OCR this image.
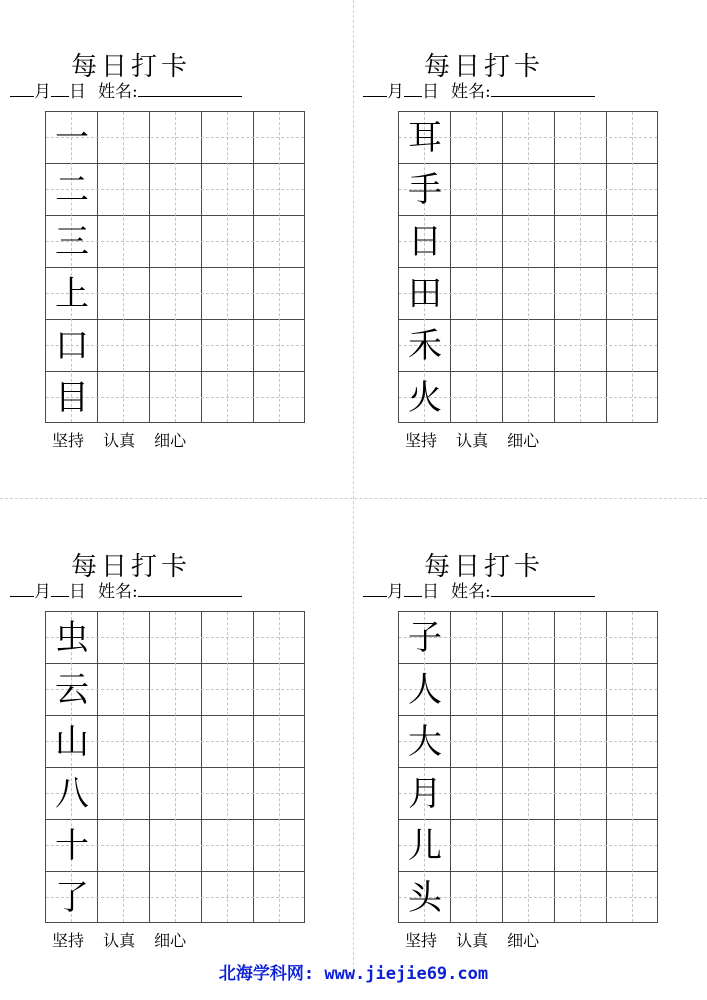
每日打卡
月 日 姓名:
一
二
三
上
口
目
坚持 认真 细心
每日打卡
月 日 姓名:
耳
手
日
田
禾
火
坚持 认真 细心
每日打卡
月 日 姓名:
虫
云
山
八
十
了
坚持 认真 细心
每日打卡
月 日 姓名:
子
人
大
月
儿
头
坚持 认真 细心
北海学科网: www.jiejie69.com
